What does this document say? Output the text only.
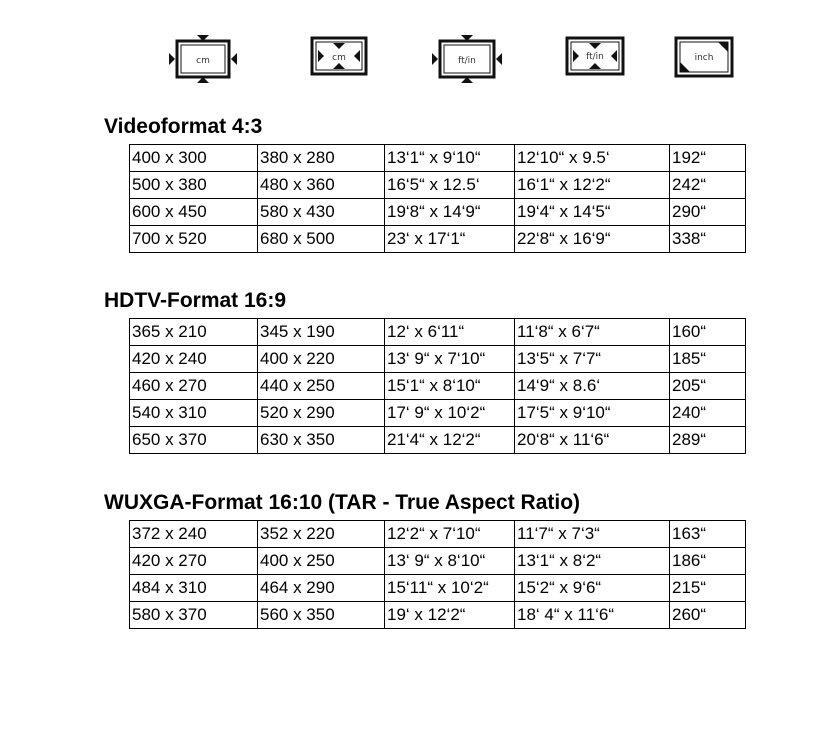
cm	cm	ft/in	ft/in	inch
Videoformat 4:3
400 x 300	380 x 280	13‘1“ x 9‘10“	12‘10“ x 9.5‘	192“
500 x 380	480 x 360	16‘5“ x 12.5‘	16‘1“ x 12‘2“	242“
600 x 450	580 x 430	19‘8“ x 14‘9“	19‘4“ x 14‘5“	290“
700 x 520	680 x 500	23‘ x 17‘1“	22‘8“ x 16‘9“	338“
HDTV-Format 16:9
365 x 210	345 x 190	12‘ x 6‘11“	11‘8“ x 6‘7“	160“
420 x 240	400 x 220	13‘ 9“ x 7‘10“	13‘5“ x 7‘7“	185“
460 x 270	440 x 250	15‘1“ x 8‘10“	14‘9“ x 8.6‘	205“
540 x 310	520 x 290	17‘ 9“ x 10‘2“	17‘5“ x 9‘10“	240“
650 x 370	630 x 350	21‘4“ x 12‘2“	20‘8“ x 11‘6“	289“
WUXGA-Format 16:10 (TAR - True Aspect Ratio)
372 x 240	352 x 220	12‘2“ x 7‘10“	11‘7“ x 7‘3“	163“
420 x 270	400 x 250	13‘ 9“ x 8‘10“	13‘1“ x 8‘2“	186“
484 x 310	464 x 290	15‘11“ x 10‘2“	15‘2“ x 9‘6“	215“
580 x 370	560 x 350	19‘ x 12‘2“	18‘ 4“ x 11‘6“	260“
